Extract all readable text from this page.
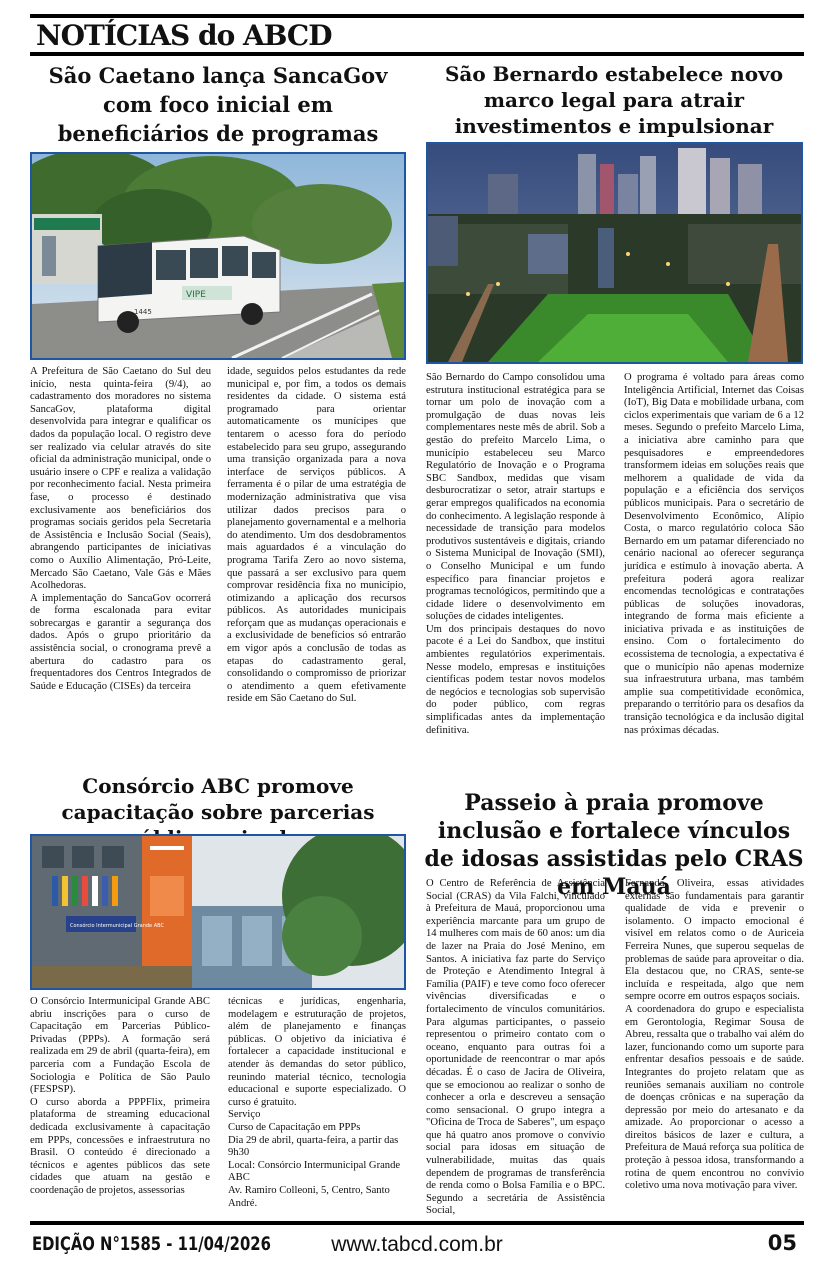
NOTÍCIAS do ABCD
São Caetano lança SancaGov com foco inicial em beneficiários de programas
VIPE
1445

A Prefeitura de São Caetano do Sul deu início, nesta quinta-feira (9/4), ao cadastramento dos moradores no sistema SancaGov, plataforma digital desenvolvida para integrar e qualificar os dados da população local. O registro deve ser realizado via celular através do site oficial da administração municipal, onde o usuário insere o CPF e realiza a validação por reconhecimento facial. Nesta primeira fase, o processo é destinado exclusivamente aos beneficiários dos programas sociais geridos pela Secretaria de Assistência e Inclusão Social (Seais), abrangendo participantes de iniciativas como o Auxílio Alimentação, Pró-Leite, Mercado São Caetano, Vale Gás e Mães Acolhedoras.

A implementação do SancaGov ocorrerá de forma escalonada para evitar sobrecargas e garantir a segurança dos dados. Após o grupo prioritário da assistência social, o cronograma prevê a abertura do cadastro para os frequentadores dos Centros Integrados de Saúde e Educação (CISEs) da terceira

idade, seguidos pelos estudantes da rede municipal e, por fim, a todos os demais residentes da cidade. O sistema está programado para orientar automaticamente os munícipes que tentarem o acesso fora do período estabelecido para seu grupo, assegurando uma transição organizada para a nova interface de serviços públicos. A ferramenta é o pilar de uma estratégia de modernização administrativa que visa utilizar dados precisos para o planejamento governamental e a melhoria do atendimento. Um dos desdobramentos mais aguardados é a vinculação do programa Tarifa Zero ao novo sistema, que passará a ser exclusivo para quem comprovar residência fixa no município, otimizando a aplicação dos recursos públicos. As autoridades municipais reforçam que as mudanças operacionais e a exclusividade de benefícios só entrarão em vigor após a conclusão de todas as etapas do cadastramento geral, consolidando o compromisso de priorizar o atendimento a quem efetivamente reside em São Caetano do Sul.

São Bernardo estabelece novo marco legal para atrair investimentos e impulsionar

São Bernardo do Campo consolidou uma estrutura institucional estratégica para se tornar um polo de inovação com a promulgação de duas novas leis complementares neste mês de abril. Sob a gestão do prefeito Marcelo Lima, o município estabeleceu seu Marco Regulatório de Inovação e o Programa SBC Sandbox, medidas que visam desburocratizar o setor, atrair startups e gerar empregos qualificados na economia do conhecimento. A legislação responde à necessidade de transição para modelos produtivos sustentáveis e digitais, criando o Sistema Municipal de Inovação (SMI), o Conselho Municipal e um fundo específico para financiar projetos e programas tecnológicos, permitindo que a cidade lidere o desenvolvimento em soluções de cidades inteligentes.

Um dos principais destaques do novo pacote é a Lei do Sandbox, que institui ambientes regulatórios experimentais. Nesse modelo, empresas e instituições científicas podem testar novos modelos de negócios e tecnologias sob supervisão do poder público, com regras simplificadas antes da implementação definitiva.

O programa é voltado para áreas como Inteligência Artificial, Internet das Coisas (IoT), Big Data e mobilidade urbana, com ciclos experimentais que variam de 6 a 12 meses. Segundo o prefeito Marcelo Lima, a iniciativa abre caminho para que pesquisadores e empreendedores transformem ideias em soluções reais que melhorem a qualidade de vida da população e a eficiência dos serviços públicos municipais. Para o secretário de Desenvolvimento Econômico, Alípio Costa, o marco regulatório coloca São Bernardo em um patamar diferenciado no cenário nacional ao oferecer segurança jurídica e estímulo à inovação aberta. A prefeitura poderá agora realizar encomendas tecnológicas e contratações públicas de soluções inovadoras, integrando de forma mais eficiente a iniciativa privada e as instituições de ensino. Com o fortalecimento do ecossistema de tecnologia, a expectativa é que o município não apenas modernize sua infraestrutura urbana, mas também amplie sua competitividade econômica, preparando o território para os desafios da transição tecnológica e da inclusão digital nas próximas décadas.

Consórcio ABC promove capacitação sobre parcerias
Consórcio Intermunicipal Grande ABC

O Consórcio Intermunicipal Grande ABC abriu inscrições para o curso de Capacitação em Parcerias Público-Privadas (PPPs). A formação será realizada em 29 de abril (quarta-feira), em parceria com a Fundação Escola de Sociologia e Política de São Paulo (FESPSP).

O curso aborda a PPPFlix, primeira plataforma de streaming educacional dedicada exclusivamente à capacitação em PPPs, concessões e infraestrutura no Brasil. O conteúdo é direcionado a técnicos e agentes públicos das sete cidades que atuam na gestão e coordenação de projetos, assessorias

técnicas e jurídicas, engenharia, modelagem e estruturação de projetos, além de planejamento e finanças públicas. O objetivo da iniciativa é fortalecer a capacidade institucional e atender às demandas do setor público, reunindo material técnico, tecnologia educacional e suporte especializado. O curso é gratuito.

Serviço

Curso de Capacitação em PPPs

Dia 29 de abril, quarta-feira, a partir das 9h30

Local: Consórcio Intermunicipal Grande ABC

Av. Ramiro Colleoni, 5, Centro, Santo André.

Passeio à praia promove inclusão e fortalece vínculos de idosas assistidas pelo CRAS em Mauá

O Centro de Referência de Assistência Social (CRAS) da Vila Falchi, vinculado à Prefeitura de Mauá, proporcionou uma experiência marcante para um grupo de 14 mulheres com mais de 60 anos: um dia de lazer na Praia do José Menino, em Santos. A iniciativa faz parte do Serviço de Proteção e Atendimento Integral à Família (PAIF) e teve como foco oferecer vivências diversificadas e o fortalecimento de vínculos comunitários. Para algumas participantes, o passeio representou o primeiro contato com o oceano, enquanto para outras foi a oportunidade de reencontrar o mar após décadas. É o caso de Jacira de Oliveira, que se emocionou ao realizar o sonho de conhecer a orla e descreveu a sensação como sensacional. O grupo integra a "Oficina de Troca de Saberes", um espaço que há quatro anos promove o convívio social para idosas em situação de vulnerabilidade, muitas das quais dependem de programas de transferência de renda como o Bolsa Família e o BPC. Segundo a secretária de Assistência Social,

Fernanda Oliveira, essas atividades externas são fundamentais para garantir qualidade de vida e prevenir o isolamento. O impacto emocional é visível em relatos como o de Auriceia Ferreira Nunes, que superou sequelas de problemas de saúde para aproveitar o dia. Ela destacou que, no CRAS, sente-se incluída e respeitada, algo que nem sempre ocorre em outros espaços sociais.

A coordenadora do grupo e especialista em Gerontologia, Regimar Sousa de Abreu, ressalta que o trabalho vai além do lazer, funcionando como um suporte para enfrentar desafios pessoais e de saúde. Integrantes do projeto relatam que as reuniões semanais auxiliam no controle de doenças crônicas e na superação da depressão por meio do artesanato e da amizade. Ao proporcionar o acesso a direitos básicos de lazer e cultura, a Prefeitura de Mauá reforça sua política de proteção à pessoa idosa, transformando a rotina de quem encontrou no convívio coletivo uma nova motivação para viver.

EDIÇÃO N°1585 - 11/04/2026	www.tabcd.com.br	05
